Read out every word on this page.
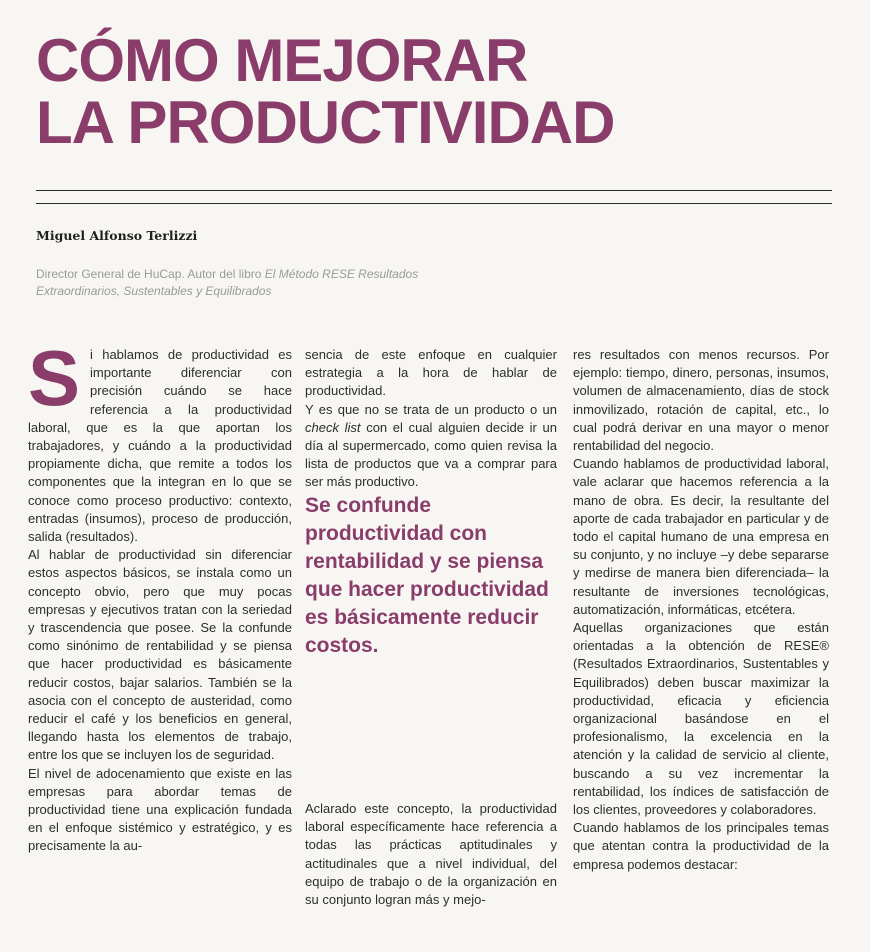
CÓMO MEJORAR
LA PRODUCTIVIDAD

Miguel Alfonso Terlizzi

Director General de HuCap. Autor del libro El Método RESE Resultados Extraordinarios, Sustentables y Equilibrados

Si hablamos de productividad es importante diferenciar con precisión cuándo se hace referencia a la productividad laboral, que es la que aportan los trabajadores, y cuándo a la productividad propiamente dicha, que remite a todos los componentes que la integran en lo que se conoce como proceso productivo: contexto, entradas (insumos), proceso de producción, salida (resultados).

Al hablar de productividad sin diferenciar estos aspectos básicos, se instala como un concepto obvio, pero que muy pocas empresas y ejecutivos tratan con la seriedad y trascendencia que posee. Se la confunde como sinónimo de rentabilidad y se piensa que hacer productividad es básicamente reducir costos, bajar salarios. También se la asocia con el concepto de austeridad, como reducir el café y los beneficios en general, llegando hasta los elementos de trabajo, entre los que se incluyen los de seguridad.

El nivel de adocenamiento que existe en las empresas para abordar temas de productividad tiene una explicación fundada en el enfoque sistémico y estratégico, y es precisamente la au-

sencia de este enfoque en cualquier estrategia a la hora de hablar de productividad.

Y es que no se trata de un producto o un check list con el cual alguien decide ir un día al supermercado, como quien revisa la lista de productos que va a comprar para ser más productivo.

Se confunde productividad con rentabilidad y se piensa que hacer productividad es básicamente reducir costos.

Aclarado este concepto, la productividad laboral específicamente hace referencia a todas las prácticas aptitudinales y actitudinales que a nivel individual, del equipo de trabajo o de la organización en su conjunto logran más y mejo-

res resultados con menos recursos. Por ejemplo: tiempo, dinero, personas, insumos, volumen de almacenamiento, días de stock inmovilizado, rotación de capital, etc., lo cual podrá derivar en una mayor o menor rentabilidad del negocio.

Cuando hablamos de productividad laboral, vale aclarar que hacemos referencia a la mano de obra. Es decir, la resultante del aporte de cada trabajador en particular y de todo el capital humano de una empresa en su conjunto, y no incluye –y debe separarse y medirse de manera bien diferenciada– la resultante de inversiones tecnológicas, automatización, informáticas, etcétera.

Aquellas organizaciones que están orientadas a la obtención de RESE® (Resultados Extraordinarios, Sustentables y Equilibrados) deben buscar maximizar la productividad, eficacia y eficiencia organizacional basándose en el profesionalismo, la excelencia en la atención y la calidad de servicio al cliente, buscando a su vez incrementar la rentabilidad, los índices de satisfacción de los clientes, proveedores y colaboradores.

Cuando hablamos de los principales temas que atentan contra la productividad de la empresa podemos destacar:
